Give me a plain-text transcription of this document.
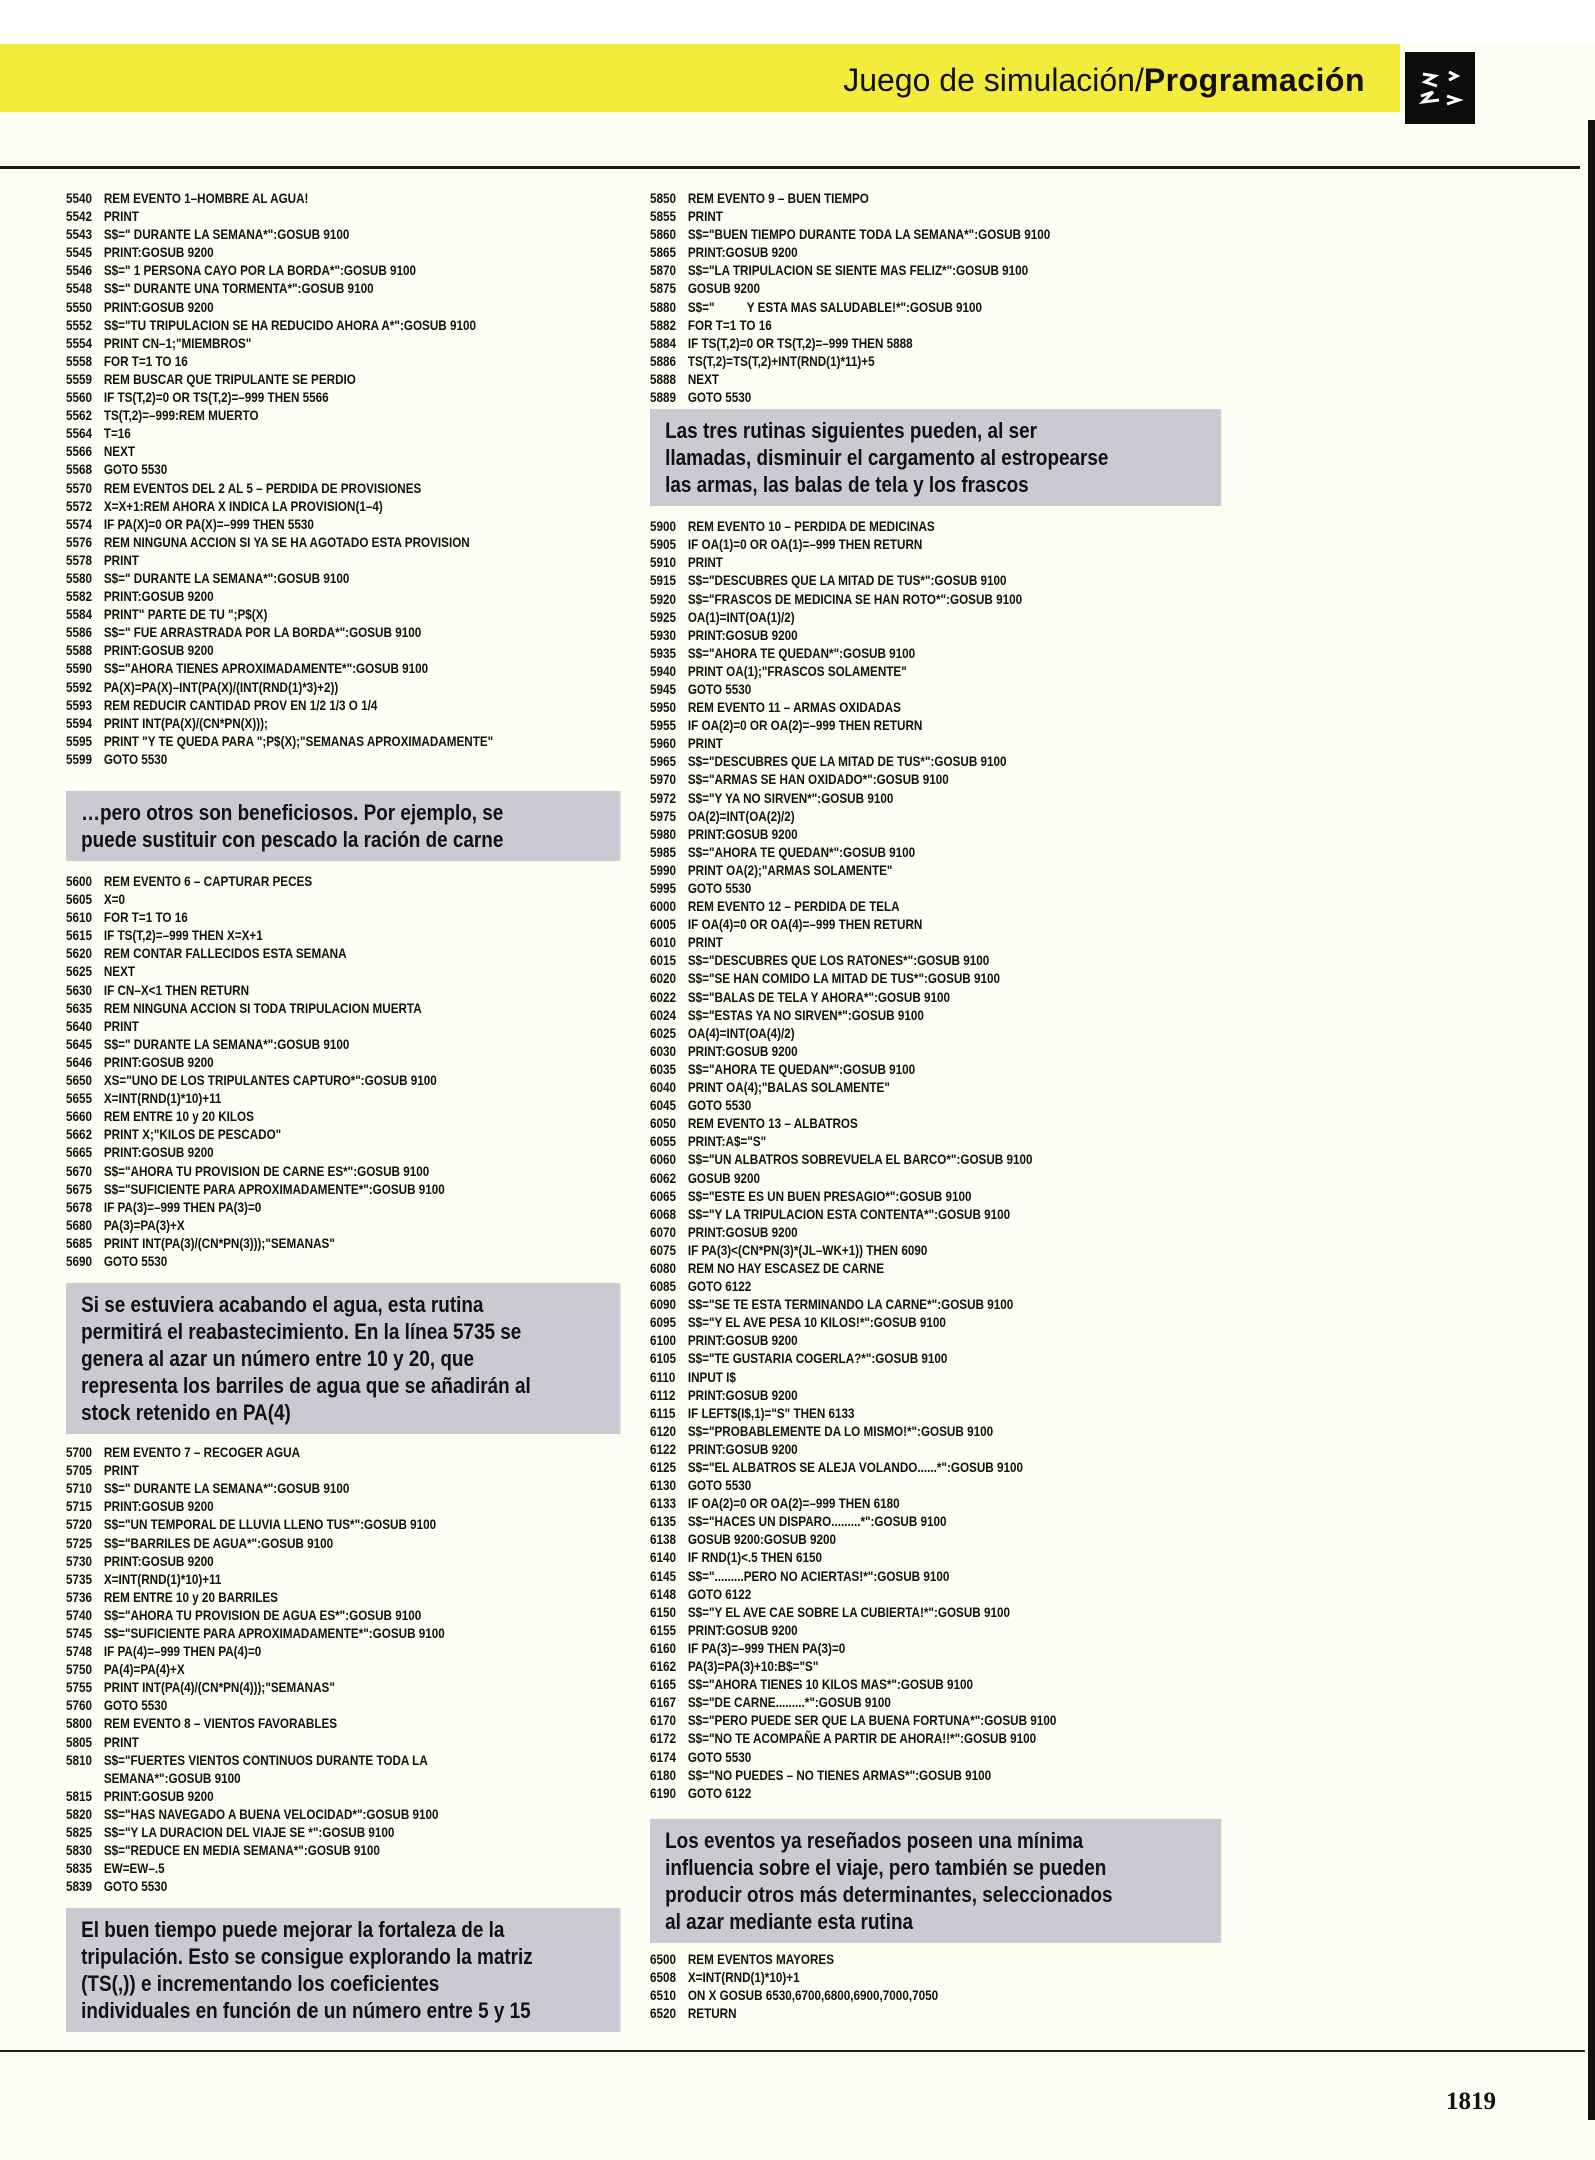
Juego de simulación/Programación
5540 REM EVENTO 1–HOMBRE AL AGUA!
5542 PRINT
5543 S$=" DURANTE LA SEMANA*":GOSUB 9100
5545 PRINT:GOSUB 9200
5546 S$=" 1 PERSONA CAYO POR LA BORDA*":GOSUB 9100
5548 S$=" DURANTE UNA TORMENTA*":GOSUB 9100
5550 PRINT:GOSUB 9200
5552 S$="TU TRIPULACION SE HA REDUCIDO AHORA A*":GOSUB 9100
5554 PRINT CN–1;"MIEMBROS"
5558 FOR T=1 TO 16
5559 REM BUSCAR QUE TRIPULANTE SE PERDIO
5560 IF TS(T,2)=0 OR TS(T,2)=–999 THEN 5566
5562 TS(T,2)=–999:REM MUERTO
5564 T=16
5566 NEXT
5568 GOTO 5530
5570 REM EVENTOS DEL 2 AL 5 – PERDIDA DE PROVISIONES
5572 X=X+1:REM AHORA X INDICA LA PROVISION(1–4)
5574 IF PA(X)=0 OR PA(X)=–999 THEN 5530
5576 REM NINGUNA ACCION SI YA SE HA AGOTADO ESTA PROVISION
5578 PRINT
5580 S$=" DURANTE LA SEMANA*":GOSUB 9100
5582 PRINT:GOSUB 9200
5584 PRINT" PARTE DE TU ";P$(X)
5586 S$=" FUE ARRASTRADA POR LA BORDA*":GOSUB 9100
5588 PRINT:GOSUB 9200
5590 S$="AHORA TIENES APROXIMADAMENTE*":GOSUB 9100
5592 PA(X)=PA(X)–INT(PA(X)/(INT(RND(1)*3)+2))
5593 REM REDUCIR CANTIDAD PROV EN 1/2 1/3 O 1/4
5594 PRINT INT(PA(X)/(CN*PN(X)));
5595 PRINT "Y TE QUEDA PARA ";P$(X);"SEMANAS APROXIMADAMENTE"
5599 GOTO 5530
…pero otros son beneficiosos. Por ejemplo, se
puede sustituir con pescado la ración de carne
5600 REM EVENTO 6 – CAPTURAR PECES
5605 X=0
5610 FOR T=1 TO 16
5615 IF TS(T,2)=–999 THEN X=X+1
5620 REM CONTAR FALLECIDOS ESTA SEMANA
5625 NEXT
5630 IF CN–X<1 THEN RETURN
5635 REM NINGUNA ACCION SI TODA TRIPULACION MUERTA
5640 PRINT
5645 S$=" DURANTE LA SEMANA*":GOSUB 9100
5646 PRINT:GOSUB 9200
5650 XS="UNO DE LOS TRIPULANTES CAPTURO*":GOSUB 9100
5655 X=INT(RND(1)*10)+11
5660 REM ENTRE 10 y 20 KILOS
5662 PRINT X;"KILOS DE PESCADO"
5665 PRINT:GOSUB 9200
5670 S$="AHORA TU PROVISION DE CARNE ES*":GOSUB 9100
5675 S$="SUFICIENTE PARA APROXIMADAMENTE*":GOSUB 9100
5678 IF PA(3)=–999 THEN PA(3)=0
5680 PA(3)=PA(3)+X
5685 PRINT INT(PA(3)/(CN*PN(3)));"SEMANAS"
5690 GOTO 5530
Si se estuviera acabando el agua, esta rutina
permitirá el reabastecimiento. En la línea 5735 se
genera al azar un número entre 10 y 20, que
representa los barriles de agua que se añadirán al
stock retenido en PA(4)
5700 REM EVENTO 7 – RECOGER AGUA
5705 PRINT
5710 S$=" DURANTE LA SEMANA*":GOSUB 9100
5715 PRINT:GOSUB 9200
5720 S$="UN TEMPORAL DE LLUVIA LLENO TUS*":GOSUB 9100
5725 S$="BARRILES DE AGUA*":GOSUB 9100
5730 PRINT:GOSUB 9200
5735 X=INT(RND(1)*10)+11
5736 REM ENTRE 10 y 20 BARRILES
5740 S$="AHORA TU PROVISION DE AGUA ES*":GOSUB 9100
5745 S$="SUFICIENTE PARA APROXIMADAMENTE*":GOSUB 9100
5748 IF PA(4)=–999 THEN PA(4)=0
5750 PA(4)=PA(4)+X
5755 PRINT INT(PA(4)/(CN*PN(4)));"SEMANAS"
5760 GOTO 5530
5800 REM EVENTO 8 – VIENTOS FAVORABLES
5805 PRINT
5810 S$="FUERTES VIENTOS CONTINUOS DURANTE TODA LA
SEMANA*":GOSUB 9100
5815 PRINT:GOSUB 9200
5820 S$="HAS NAVEGADO A BUENA VELOCIDAD*":GOSUB 9100
5825 S$="Y LA DURACION DEL VIAJE SE *":GOSUB 9100
5830 S$="REDUCE EN MEDIA SEMANA*":GOSUB 9100
5835 EW=EW–.5
5839 GOTO 5530
El buen tiempo puede mejorar la fortaleza de la
tripulación. Esto se consigue explorando la matriz
(TS(,)) e incrementando los coeficientes
individuales en función de un número entre 5 y 15
5850 REM EVENTO 9 – BUEN TIEMPO
5855 PRINT
5860 S$="BUEN TIEMPO DURANTE TODA LA SEMANA*":GOSUB 9100
5865 PRINT:GOSUB 9200
5870 S$="LA TRIPULACION SE SIENTE MAS FELIZ*":GOSUB 9100
5875 GOSUB 9200
5880 S$="          Y ESTA MAS SALUDABLE!*":GOSUB 9100
5882 FOR T=1 TO 16
5884 IF TS(T,2)=0 OR TS(T,2)=–999 THEN 5888
5886 TS(T,2)=TS(T,2)+INT(RND(1)*11)+5
5888 NEXT
5889 GOTO 5530
Las tres rutinas siguientes pueden, al ser
llamadas, disminuir el cargamento al estropearse
las armas, las balas de tela y los frascos
5900 REM EVENTO 10 – PERDIDA DE MEDICINAS
5905 IF OA(1)=0 OR OA(1)=–999 THEN RETURN
5910 PRINT
5915 S$="DESCUBRES QUE LA MITAD DE TUS*":GOSUB 9100
5920 S$="FRASCOS DE MEDICINA SE HAN ROTO*":GOSUB 9100
5925 OA(1)=INT(OA(1)/2)
5930 PRINT:GOSUB 9200
5935 S$="AHORA TE QUEDAN*":GOSUB 9100
5940 PRINT OA(1);"FRASCOS SOLAMENTE"
5945 GOTO 5530
5950 REM EVENTO 11 – ARMAS OXIDADAS
5955 IF OA(2)=0 OR OA(2)=–999 THEN RETURN
5960 PRINT
5965 S$="DESCUBRES QUE LA MITAD DE TUS*":GOSUB 9100
5970 S$="ARMAS SE HAN OXIDADO*":GOSUB 9100
5972 S$="Y YA NO SIRVEN*":GOSUB 9100
5975 OA(2)=INT(OA(2)/2)
5980 PRINT:GOSUB 9200
5985 S$="AHORA TE QUEDAN*":GOSUB 9100
5990 PRINT OA(2);"ARMAS SOLAMENTE"
5995 GOTO 5530
6000 REM EVENTO 12 – PERDIDA DE TELA
6005 IF OA(4)=0 OR OA(4)=–999 THEN RETURN
6010 PRINT
6015 S$="DESCUBRES QUE LOS RATONES*":GOSUB 9100
6020 S$="SE HAN COMIDO LA MITAD DE TUS*":GOSUB 9100
6022 S$="BALAS DE TELA Y AHORA*":GOSUB 9100
6024 S$="ESTAS YA NO SIRVEN*":GOSUB 9100
6025 OA(4)=INT(OA(4)/2)
6030 PRINT:GOSUB 9200
6035 S$="AHORA TE QUEDAN*":GOSUB 9100
6040 PRINT OA(4);"BALAS SOLAMENTE"
6045 GOTO 5530
6050 REM EVENTO 13 – ALBATROS
6055 PRINT:A$="S"
6060 S$="UN ALBATROS SOBREVUELA EL BARCO*":GOSUB 9100
6062 GOSUB 9200
6065 S$="ESTE ES UN BUEN PRESAGIO*":GOSUB 9100
6068 S$="Y LA TRIPULACION ESTA CONTENTA*":GOSUB 9100
6070 PRINT:GOSUB 9200
6075 IF PA(3)<(CN*PN(3)*(JL–WK+1)) THEN 6090
6080 REM NO HAY ESCASEZ DE CARNE
6085 GOTO 6122
6090 S$="SE TE ESTA TERMINANDO LA CARNE*":GOSUB 9100
6095 S$="Y EL AVE PESA 10 KILOS!*":GOSUB 9100
6100 PRINT:GOSUB 9200
6105 S$="TE GUSTARIA COGERLA?*":GOSUB 9100
6110 INPUT I$
6112 PRINT:GOSUB 9200
6115 IF LEFT$(I$,1)="S" THEN 6133
6120 S$="PROBABLEMENTE DA LO MISMO!*":GOSUB 9100
6122 PRINT:GOSUB 9200
6125 S$="EL ALBATROS SE ALEJA VOLANDO......*":GOSUB 9100
6130 GOTO 5530
6133 IF OA(2)=0 OR OA(2)=–999 THEN 6180
6135 S$="HACES UN DISPARO.........*":GOSUB 9100
6138 GOSUB 9200:GOSUB 9200
6140 IF RND(1)<.5 THEN 6150
6145 S$=".........PERO NO ACIERTAS!*":GOSUB 9100
6148 GOTO 6122
6150 S$="Y EL AVE CAE SOBRE LA CUBIERTA!*":GOSUB 9100
6155 PRINT:GOSUB 9200
6160 IF PA(3)=–999 THEN PA(3)=0
6162 PA(3)=PA(3)+10:B$="S"
6165 S$="AHORA TIENES 10 KILOS MAS*":GOSUB 9100
6167 S$="DE CARNE.........*":GOSUB 9100
6170 S$="PERO PUEDE SER QUE LA BUENA FORTUNA*":GOSUB 9100
6172 S$="NO TE ACOMPAÑE A PARTIR DE AHORA!!*":GOSUB 9100
6174 GOTO 5530
6180 S$="NO PUEDES – NO TIENES ARMAS*":GOSUB 9100
6190 GOTO 6122
Los eventos ya reseñados poseen una mínima
influencia sobre el viaje, pero también se pueden
producir otros más determinantes, seleccionados
al azar mediante esta rutina
6500 REM EVENTOS MAYORES
6508 X=INT(RND(1)*10)+1
6510 ON X GOSUB 6530,6700,6800,6900,7000,7050
6520 RETURN
1819
